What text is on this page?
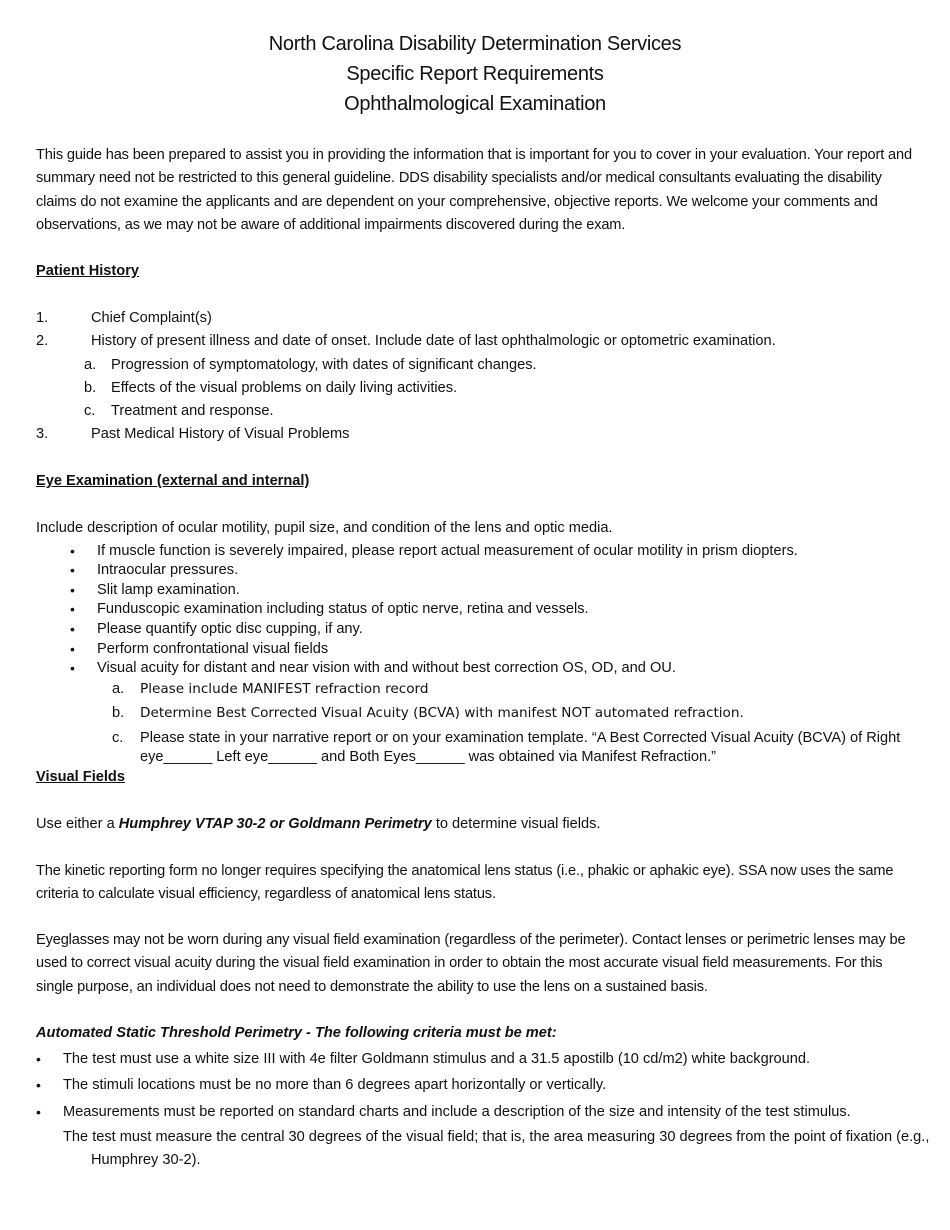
North Carolina Disability Determination Services
Specific Report Requirements
Ophthalmological Examination
This guide has been prepared to assist you in providing the information that is important for you to cover in your evaluation. Your report and summary need not be restricted to this general guideline. DDS disability specialists and/or medical consultants evaluating the disability claims do not examine the applicants and are dependent on your comprehensive, objective reports. We welcome your comments and observations, as we may not be aware of additional impairments discovered during the exam.
Patient History
1.	Chief Complaint(s)
2.	History of present illness and date of onset. Include date of last ophthalmologic or optometric examination.
a. Progression of symptomatology, with dates of significant changes.
b. Effects of the visual problems on daily living activities.
c. Treatment and response.
3.	Past Medical History of Visual Problems
Eye Examination (external and internal)
Include description of ocular motility, pupil size, and condition of the lens and optic media.
• If muscle function is severely impaired, please report actual measurement of ocular motility in prism diopters.
• Intraocular pressures.
• Slit lamp examination.
• Funduscopic examination including status of optic nerve, retina and vessels.
• Please quantify optic disc cupping, if any.
• Perform confrontational visual fields
• Visual acuity for distant and near vision with and without best correction OS, OD, and OU.
a. Please include MANIFEST refraction record
b. Determine Best Corrected Visual Acuity (BCVA) with manifest NOT automated refraction.
c. Please state in your narrative report or on your examination template. “A Best Corrected Visual Acuity (BCVA) of Right
eye______ Left eye______ and Both Eyes______ was obtained via Manifest Refraction.”
Visual Fields
Use either a Humphrey VTAP 30-2 or Goldmann Perimetry to determine visual fields.
The kinetic reporting form no longer requires specifying the anatomical lens status (i.e., phakic or aphakic eye). SSA now uses the same criteria to calculate visual efficiency, regardless of anatomical lens status.
Eyeglasses may not be worn during any visual field examination (regardless of the perimeter). Contact lenses or perimetric lenses may be used to correct visual acuity during the visual field examination in order to obtain the most accurate visual field measurements. For this single purpose, an individual does not need to demonstrate the ability to use the lens on a sustained basis.
Automated Static Threshold Perimetry - The following criteria must be met:
• The test must use a white size III with 4e filter Goldmann stimulus and a 31.5 apostilb (10 cd/m2) white background.
• The stimuli locations must be no more than 6 degrees apart horizontally or vertically.
• Measurements must be reported on standard charts and include a description of the size and intensity of the test stimulus.
The test must measure the central 30 degrees of the visual field; that is, the area measuring 30 degrees from the point of fixation (e.g.,
Humphrey 30-2).
